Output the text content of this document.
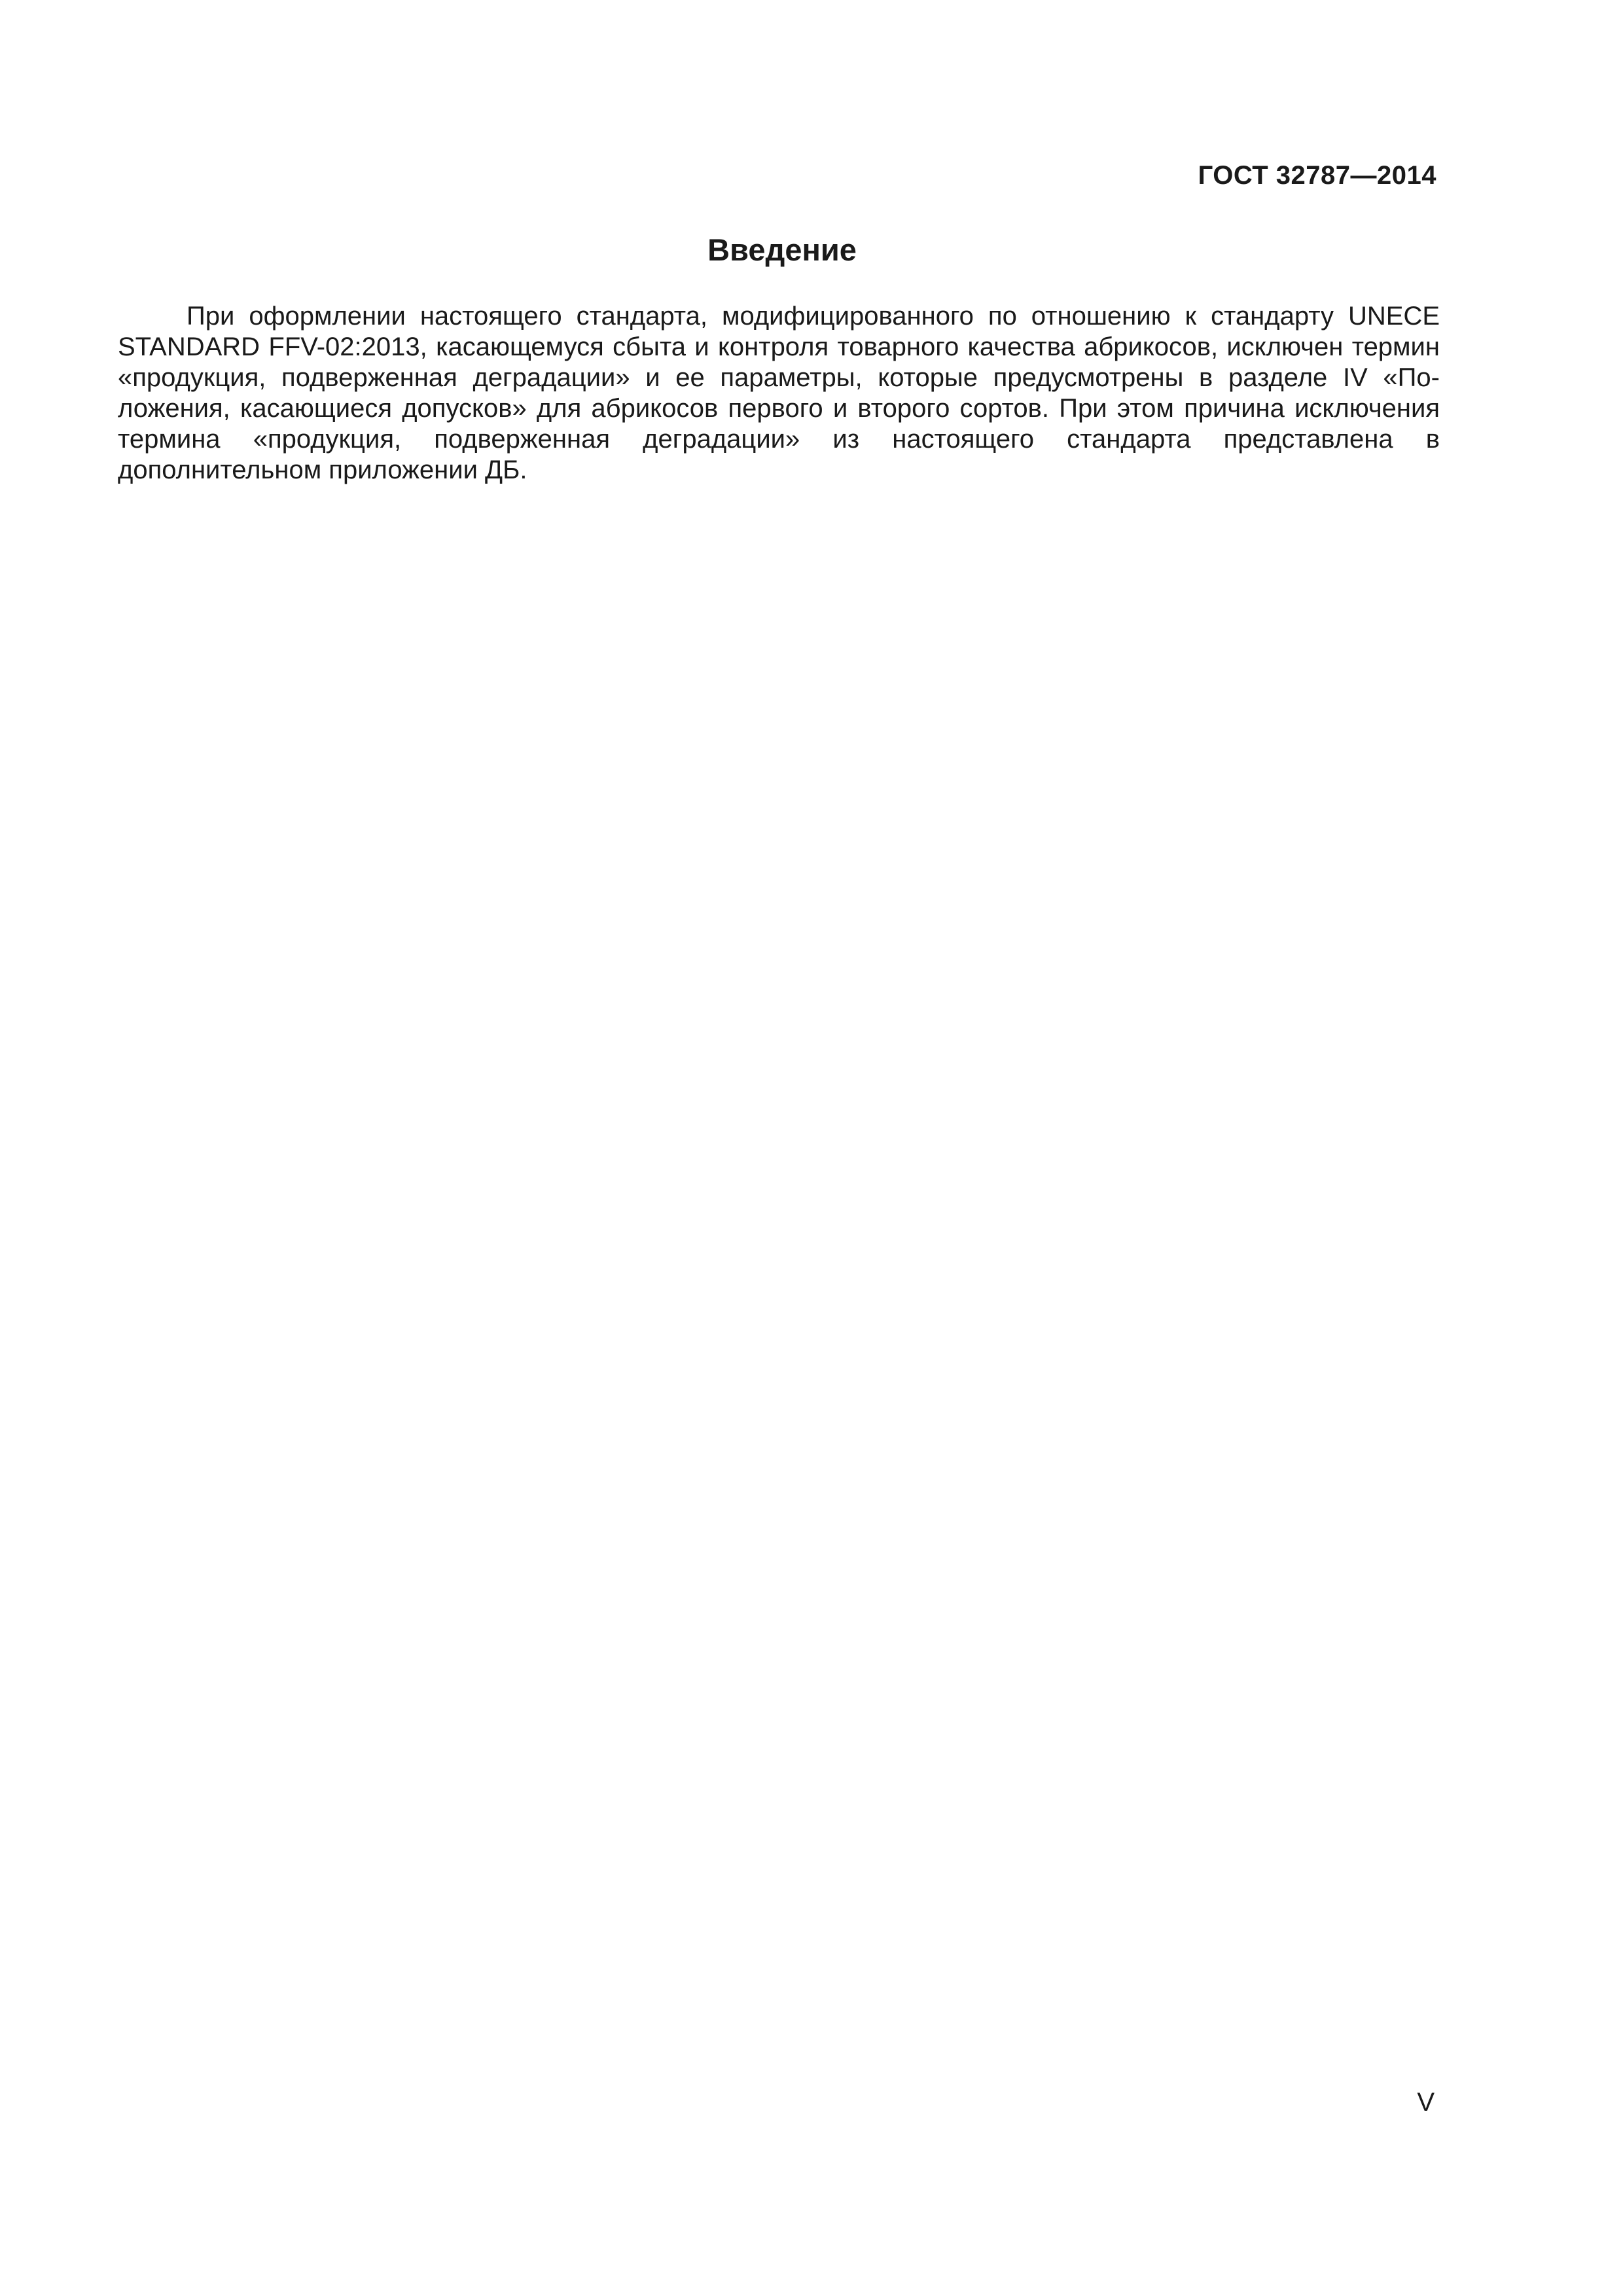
ГОСТ 32787—2014
Введение

При оформлении настоящего стандарта, модифицированного по отношению к стандарту UNECE STANDARD FFV-02:2013, касающемуся сбыта и контроля товарного качества абрикосов, исключен термин «продукция, подверженная деградации» и ее параметры, которые предусмотрены в разделе IV «Положения, касающиеся допусков» для абрикосов первого и второго сортов. При этом причина исключения термина «продукция, подверженная деградации» из настоящего стандарта представлена в дополнительном приложении ДБ.

V
